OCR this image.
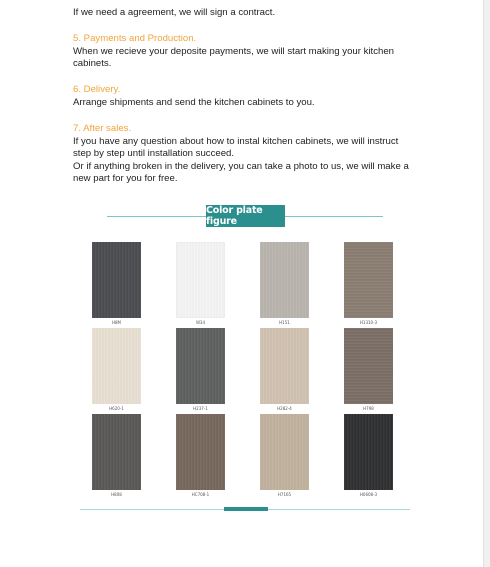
If we need a agreement, we will sign a contract.

5. Payments and Production.

When we recieve your deposite payments, we will start making your kitchen

cabinets.

6. Delivery.

Arrange shipments and send the kitchen cabinets to you.

7. After sales.

If you have any question about how to instal kitchen cabinets, we will instruct

step by step until installation succeed.

Or if anything broken in the delivery, you can take a photo to us, we will make a

new part for you for free.

Color plate figure
H8M	W34	H151	H1310-3
H620-1	H237-1	H282-4	H798
H808	HC708-1	H7165	H0608-3
